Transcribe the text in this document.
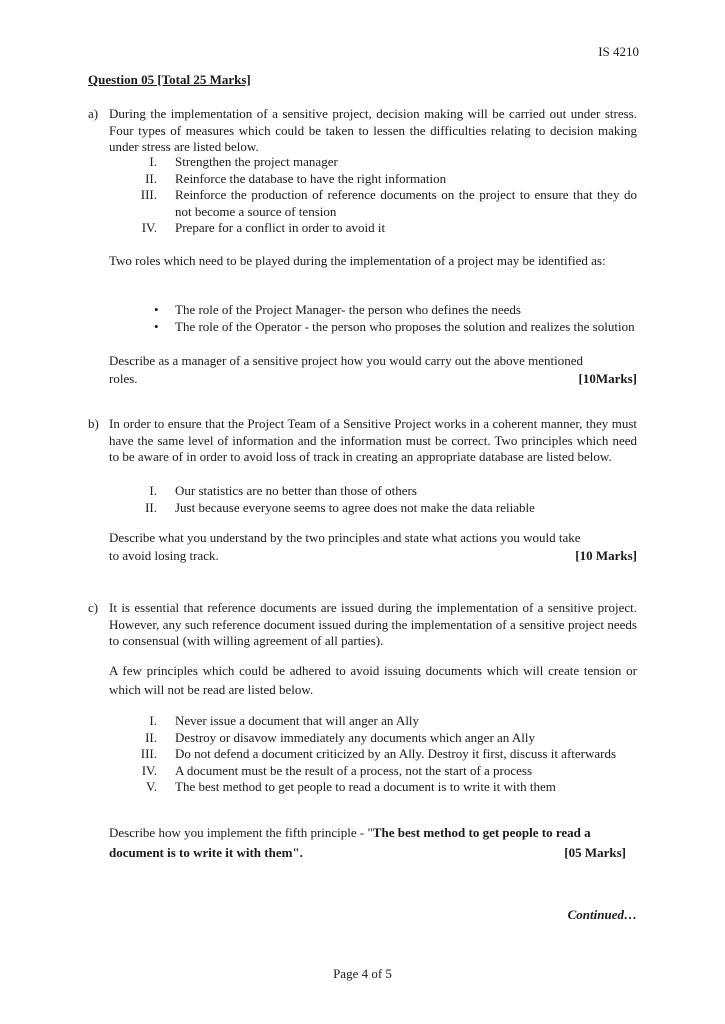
IS 4210
Question 05 [Total 25 Marks]
a) During the implementation of a sensitive project, decision making will be carried out under stress. Four types of measures which could be taken to lessen the difficulties relating to decision making under stress are listed below.
I. Strengthen the project manager
II. Reinforce the database to have the right information
III. Reinforce the production of reference documents on the project to ensure that they do not become a source of tension
IV. Prepare for a conflict in order to avoid it
Two roles which need to be played during the implementation of a project may be identified as:
• The role of the Project Manager- the person who defines the needs
• The role of the Operator - the person who proposes the solution and realizes the solution
Describe as a manager of a sensitive project how you would carry out the above mentioned
roles.	[10Marks]
b) In order to ensure that the Project Team of a Sensitive Project works in a coherent manner, they must have the same level of information and the information must be correct. Two principles which need to be aware of in order to avoid loss of track in creating an appropriate database are listed below.
I. Our statistics are no better than those of others
II. Just because everyone seems to agree does not make the data reliable
Describe what you understand by the two principles and state what actions you would take
to avoid losing track.	[10 Marks]
c) It is essential that reference documents are issued during the implementation of a sensitive project. However, any such reference document issued during the implementation of a sensitive project needs to consensual (with willing agreement of all parties).
A few principles which could be adhered to avoid issuing documents which will create tension or which will not be read are listed below.
I. Never issue a document that will anger an Ally
II. Destroy or disavow immediately any documents which anger an Ally
III. Do not defend a document criticized by an Ally. Destroy it first, discuss it afterwards
IV. A document must be the result of a process, not the start of a process
V. The best method to get people to read a document is to write it with them
Describe how you implement the fifth principle - "The best method to get people to read a
document is to write it with them".	[05 Marks]
Continued…
Page 4 of 5
